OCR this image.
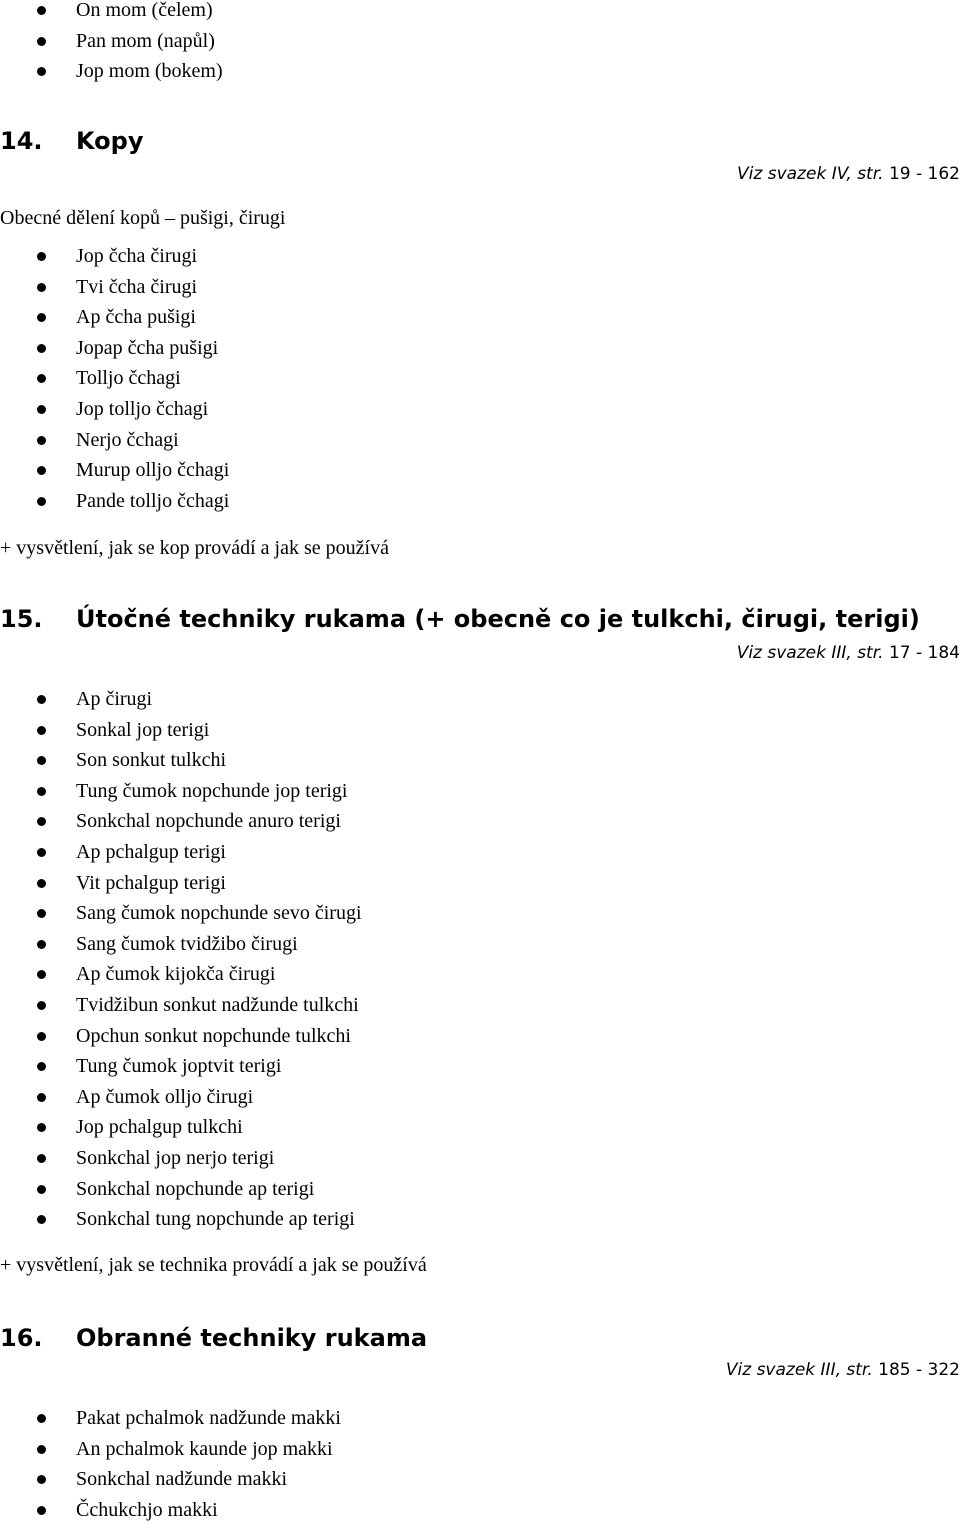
On mom (čelem)
Pan mom (napůl)
Jop mom (bokem)
14. Kopy
Viz svazek IV, str. 19 - 162
Obecné dělení kopů – pušigi, čirugi
Jop čcha čirugi
Tvi čcha čirugi
Ap čcha pušigi
Jopap čcha pušigi
Tolljo čchagi
Jop tolljo čchagi
Nerjo čchagi
Murup olljo čchagi
Pande tolljo čchagi
+ vysvětlení, jak se kop provádí a jak se používá
15. Útočné techniky rukama (+ obecně co je tulkchi, čirugi, terigi)
Viz svazek III, str. 17 - 184
Ap čirugi
Sonkal jop terigi
Son sonkut tulkchi
Tung čumok nopchunde jop terigi
Sonkchal nopchunde anuro terigi
Ap pchalgup terigi
Vit pchalgup terigi
Sang čumok nopchunde sevo čirugi
Sang čumok tvidžibo čirugi
Ap čumok kijokča čirugi
Tvidžibun sonkut nadžunde tulkchi
Opchun sonkut nopchunde tulkchi
Tung čumok joptvit terigi
Ap čumok olljo čirugi
Jop pchalgup tulkchi
Sonkchal jop nerjo terigi
Sonkchal nopchunde ap terigi
Sonkchal tung nopchunde ap terigi
+ vysvětlení, jak se technika provádí a jak se používá
16. Obranné techniky rukama
Viz svazek III, str. 185 - 322
Pakat pchalmok nadžunde makki
An pchalmok kaunde jop makki
Sonkchal nadžunde makki
Čchukchjo makki
